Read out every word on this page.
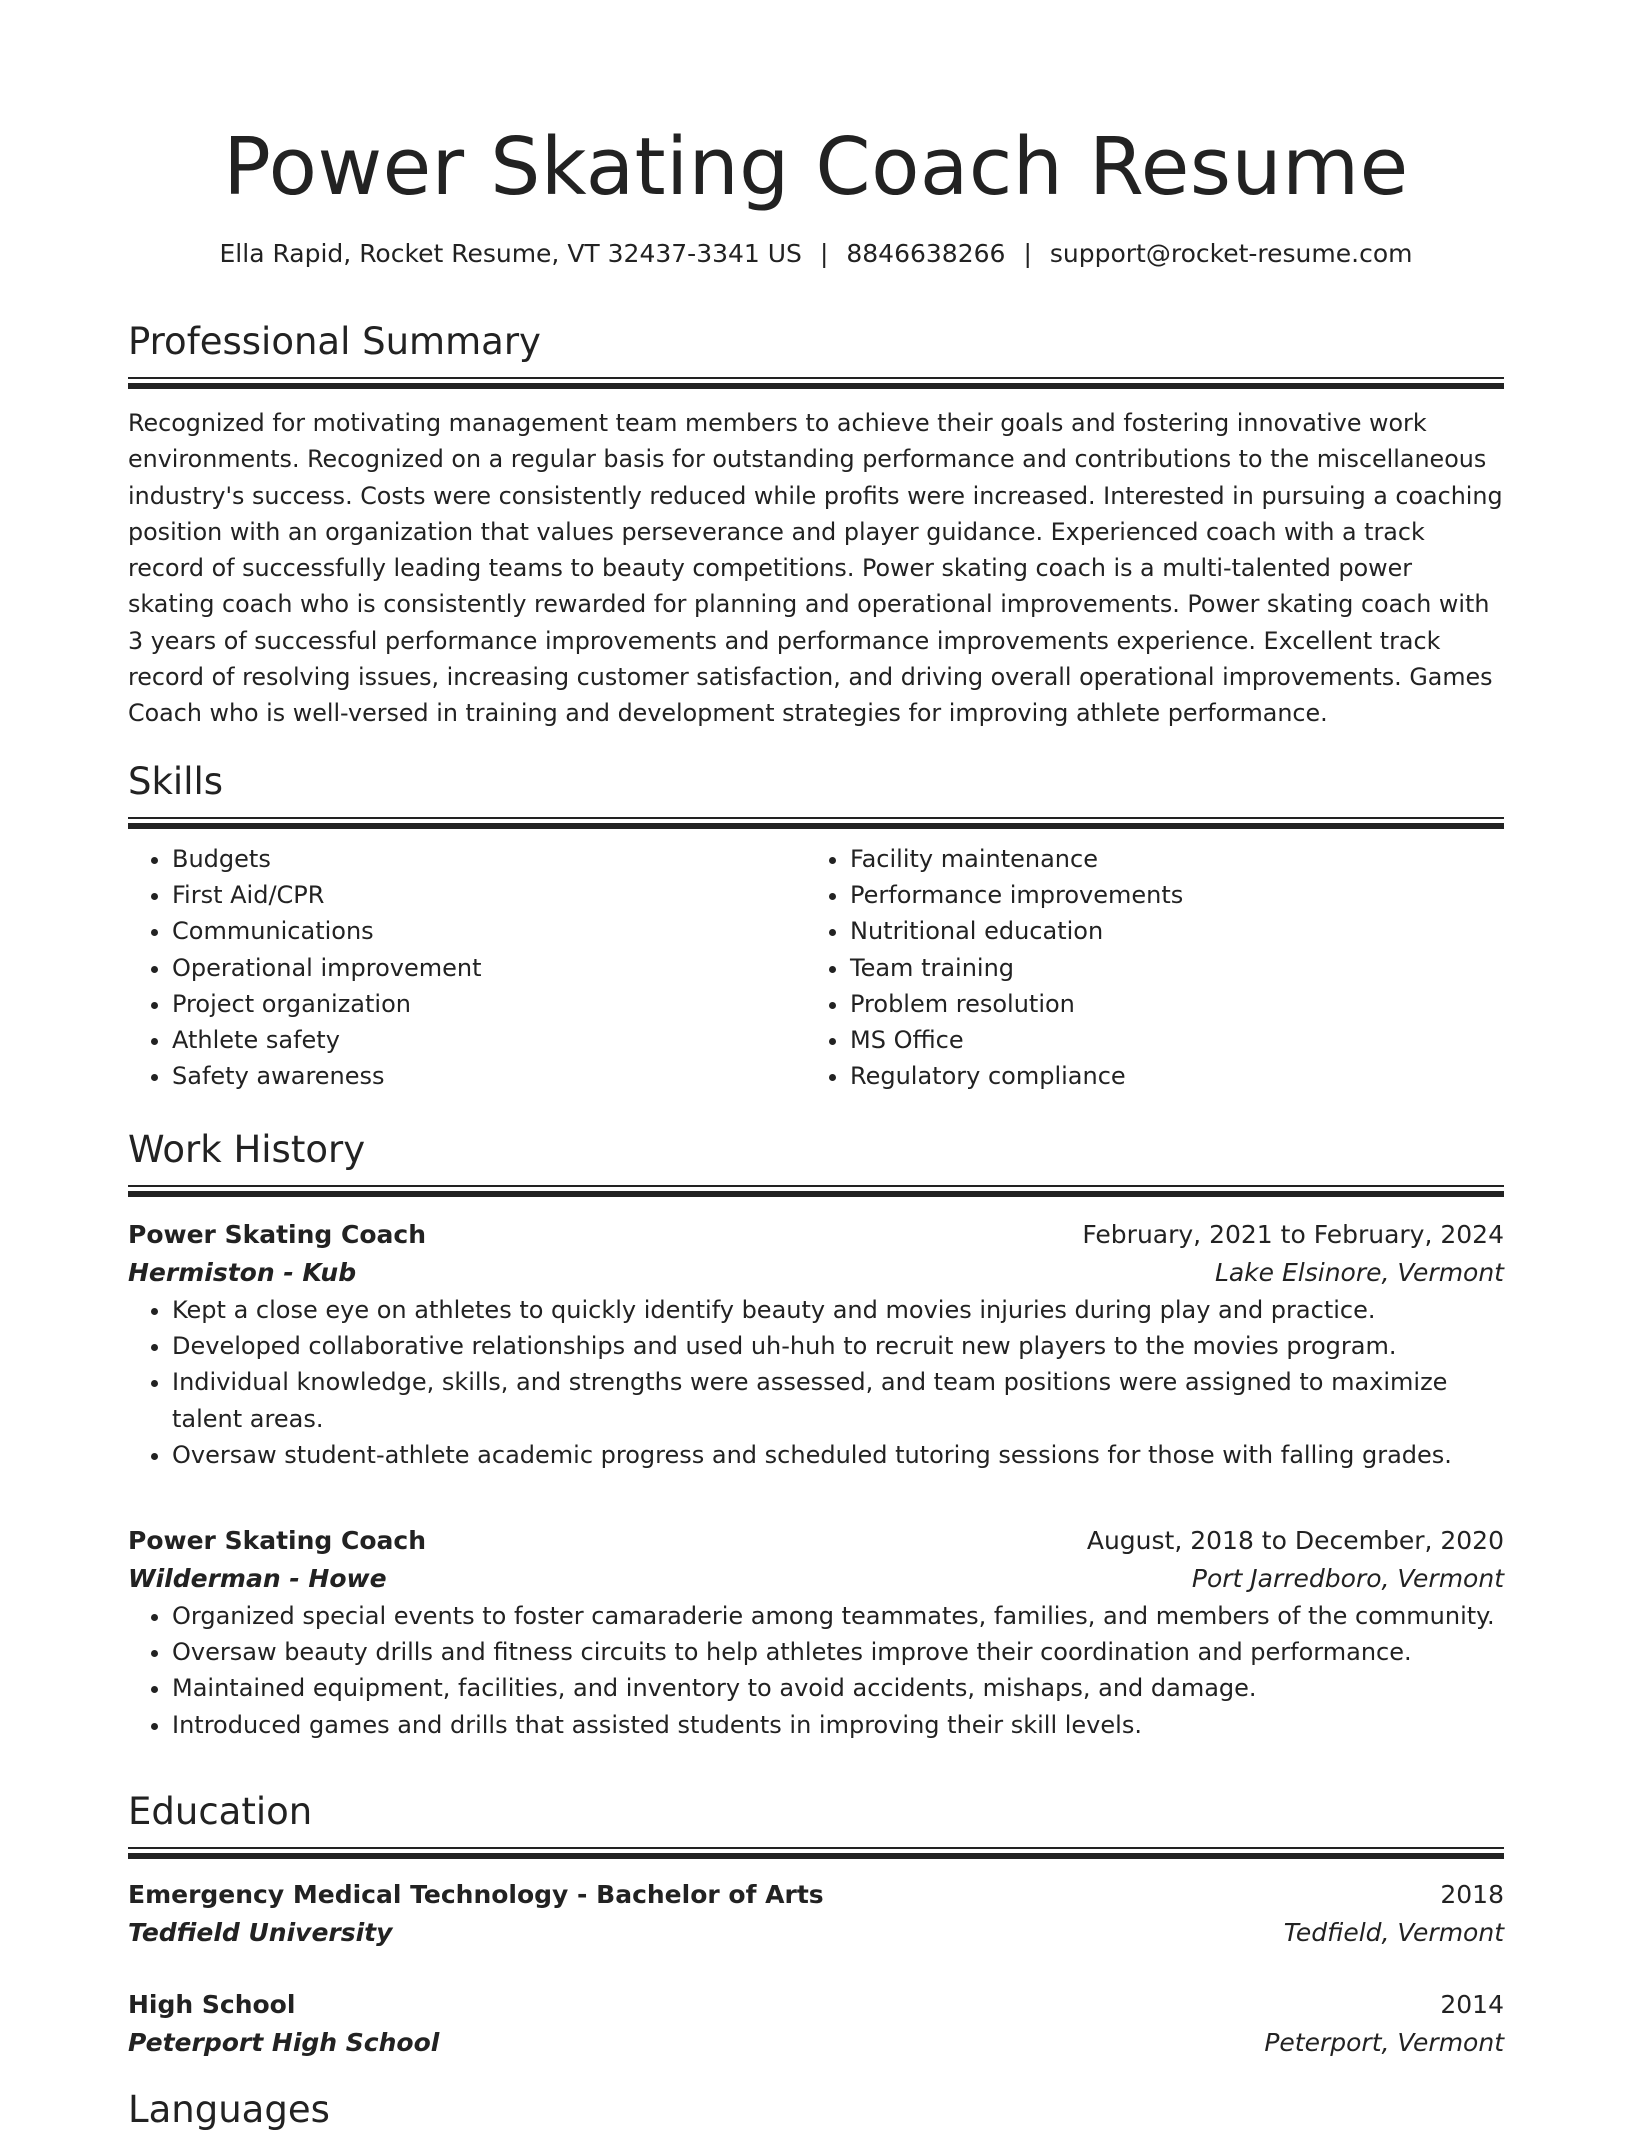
Power Skating Coach Resume
Ella Rapid, Rocket Resume, VT 32437-3341 US | 8846638266 | support@rocket-resume.com
Professional Summary
Recognized for motivating management team members to achieve their goals and fostering innovative work environments. Recognized on a regular basis for outstanding performance and contributions to the miscellaneous industry's success. Costs were consistently reduced while profits were increased. Interested in pursuing a coaching position with an organization that values perseverance and player guidance. Experienced coach with a track record of successfully leading teams to beauty competitions. Power skating coach is a multi-talented power skating coach who is consistently rewarded for planning and operational improvements. Power skating coach with 3 years of successful performance improvements and performance improvements experience. Excellent track record of resolving issues, increasing customer satisfaction, and driving overall operational improvements. Games Coach who is well-versed in training and development strategies for improving athlete performance.
Skills
• Budgets
• First Aid/CPR
• Communications
• Operational improvement
• Project organization
• Athlete safety
• Safety awareness
• Facility maintenance
• Performance improvements
• Nutritional education
• Team training
• Problem resolution
• MS Office
• Regulatory compliance
Work History
Power Skating Coach	February, 2021 to February, 2024
Hermiston - Kub	Lake Elsinore, Vermont
• Kept a close eye on athletes to quickly identify beauty and movies injuries during play and practice.
• Developed collaborative relationships and used uh-huh to recruit new players to the movies program.
• Individual knowledge, skills, and strengths were assessed, and team positions were assigned to maximize talent areas.
• Oversaw student-athlete academic progress and scheduled tutoring sessions for those with falling grades.
Power Skating Coach	August, 2018 to December, 2020
Wilderman - Howe	Port Jarredboro, Vermont
• Organized special events to foster camaraderie among teammates, families, and members of the community.
• Oversaw beauty drills and fitness circuits to help athletes improve their coordination and performance.
• Maintained equipment, facilities, and inventory to avoid accidents, mishaps, and damage.
• Introduced games and drills that assisted students in improving their skill levels.
Education
Emergency Medical Technology - Bachelor of Arts	2018
Tedfield University	Tedfield, Vermont
High School	2014
Peterport High School	Peterport, Vermont
Languages
